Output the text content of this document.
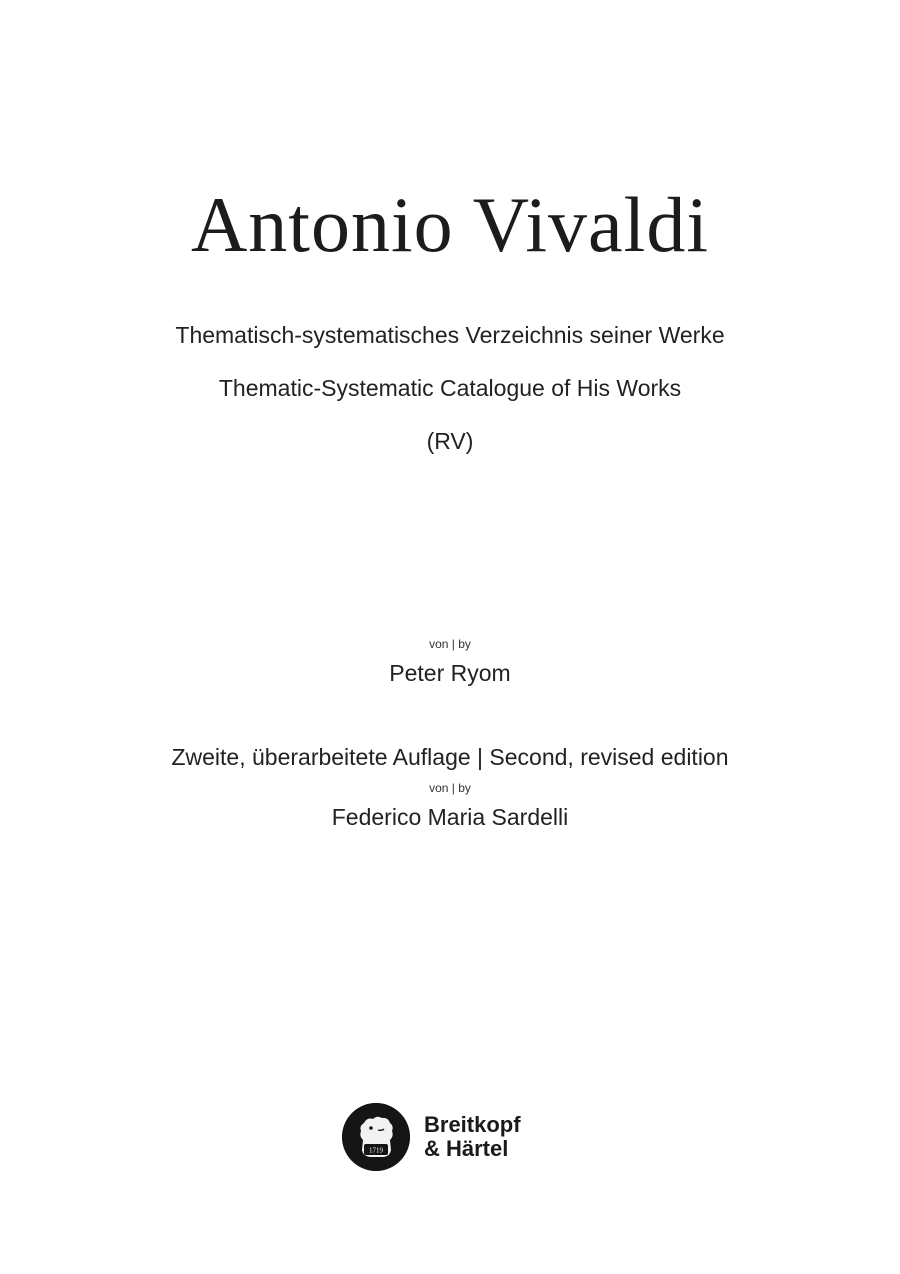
Antonio Vivaldi
Thematisch-systematisches Verzeichnis seiner Werke
Thematic-Systematic Catalogue of His Works
(RV)
von | by
Peter Ryom
Zweite, überarbeitete Auflage | Second, revised edition
von | by
Federico Maria Sardelli
1719
Breitkopf
& Härtel
